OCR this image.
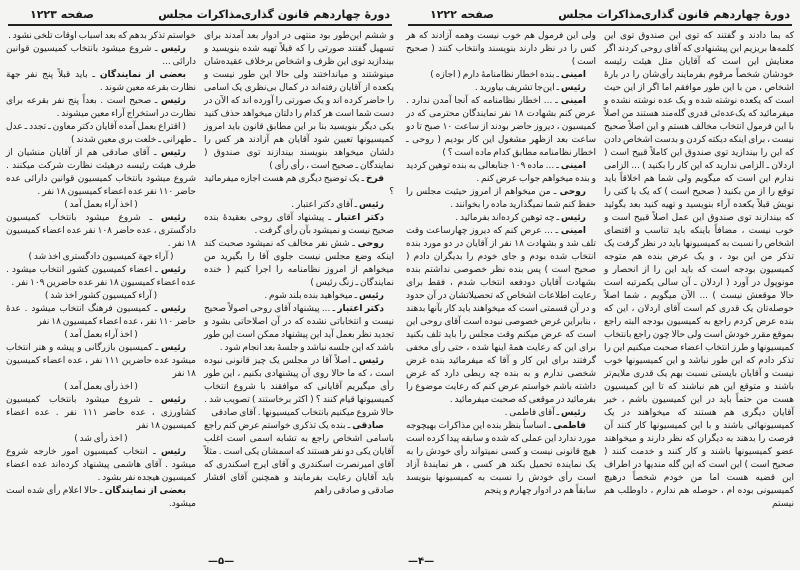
دورهٔ چهاردهم قانون گذاری
مذاکرات مجلس
صفحه ۱۲۲۳

و ششم این‌طور بود منتهی در ادوار بعد آمدند برای تسهیل گفتند صورتی را که قبلاً تهیه شده بنویسید و بیندازید توی این ظرف و اشخاص برخلاف عقیده‌شان مینوشتند و میانداختند ولی حالا این طور نیست و یکعده از آقایان رفته‌اند در کمال بی‌نظری یک اسامی را حاضر کرده اند و یک صورتی را آورده اند که الآن در دست شما است هر کدام را دلتان میخواهد حذف کنید یکی دیگر بنویسید بنا بر این مطابق قانون باید امروز کمیسیونها تعیین شود آقایان هم آزادند هر کس را دلشان میخواهد بنویسند بیندازند توی صندوق ( نمایندگان ـ صحیح است ، رأی رأی )

فرخ ـ یک توضیح دیگری هم هست اجازه میفرمائید ؟

رئیس ـ آقای دکتر اعتبار .

دکتر اعتبار ـ پیشنهاد آقای روحی بعقیدهٔ بنده صحیح نیست و نمیشود بآن رأی گرفت .

روحی ـ شش نفر مخالف که نمیشود صحبت کند اینکه وضع مجلس نیست جلوی آقا را بگیرید من میخواهم از امروز نظامنامه را اجرا کنیم ( خنده نمایندگان ـ زنگ رئیس )

رئیس ـ میخواهید بنده بلند شوم .

دکتر اعتبار ـ ... پیشنهاد آقای روحی اصولاً صحیح نیست و انتخاباتی نشده که در آن اصلاحاتی بشود و تجدید نظر بعمل آید این پیشنهاد ممکن است این طور باشد که این جلسه نباشد و جلسهٔ بعد انجام شود .

رئیس ـ اصلاً آقا در مجلس یک چیز قانونی نبوده است ، که ما حالا روی آن پیشنهادی بکنیم ، این طور رأی میگیریم آقایانی که موافقند با شروع انتخاب کمیسیونها قیام کنند ؟ ( اکثر برخاستند ) تصویب شد . حالا شروع میکنیم بانتخاب کمیسیونها . آقای صادقی

صادقی ـ بنده یک تذکری خواستم عرض کنم راجع باسامی اشخاص راجع به تشابه اسمی است اغلب آقایان یکی دو نفر هستند که اسمشان یکی است . مثلاً آقای امیرنصرت اسکندری و آقای ایرج اسکندری که باید آقایان رعایت بفرمایند و همچنین آقای افشار صادقی و صادقی راهم

خواستم تذکر بدهم که بعد اسباب اوقات تلخی نشود .

رئیس ـ شروع میشود بانتخاب کمیسیون قوانین دارائی ...

بعضی از نمایندگان ـ باید قبلاً پنج نفر جهة نظارت بقرعه معین شوند .

رئیس ـ صحیح است . بعداً پنج نفر بقرعه برای نظارت در استخراج آراء معین میشوند .

( اقتراع بعمل آمده آقایان دکتر معاون ـ تجدد ـ عدل ـ طهرانی ـ خلعت بری معین شدند )

رئیس ـ آقای صادقی هم از آقایان منشیان از طرف هیئت رئیسه درهیئت نظارت شرکت میکنند . شروع میشود بانتخاب کمیسیون قوانین دارائی عده حاضر ۱۱۰ نفر عده اعضاء کمیسیون ۱۸ نفر .

( اخذ آراء بعمل آمد )

رئیس ـ شروع میشود بانتخاب کمیسیون دادگستری ، عده حاضر ۱۰۸ نفر عده اعضاء کمیسیون ۱۸ نفر .

( آراء جهة کمیسیون دادگستری اخذ شد )

رئیس ـ اعضاء کمیسیون کشور انتخاب میشود . عده اعضاء کمیسیون ۱۸ نفر عده حاضرین ۱۰۹ نفر .

( آراء کمیسیون کشور اخذ شد )

رئیس ـ کمیسیون فرهنگ انتخاب میشود . عدهٔ حاضر ۱۱۰ نفر ، عده اعضاء کمیسیون ۱۸ نفر

( اخذ آراء بعمل آمد )

رئیس ـ کمیسیون بازرگانی و پیشه و هنر انتخاب میشود عده حاضرین ۱۱۱ نفر ، عده اعضاء کمیسیون ۱۸ نفر

( اخذ رأی بعمل آمد )

رئیس ـ شروع میشود بانتخاب کمیسیون کشاورزی ، عده حاضر ۱۱۱ نفر . عده اعضاء کمیسیون ۱۸ نفر

( اخذ رأی شد )

رئیس ـ انتخاب کمیسیون امور خارجه شروع میشود . آقای هاشمی پیشنهاد کرده‌اند عده اعضاء کمیسیون هیجده نفر بشود .

بعضی از نمایندگان ـ حالا اعلام رأی شده است میشود.

—۵—
دورهٔ چهاردهم قانون گذاری
مذاکرات مجلس
صفحه ۱۲۲۲

که بما دادند و گفتند که توی این صندوق توی این کلمه‌ها بریزیم این پیشنهادی که آقای روحی کردند اگر معنایش این است که آقایان مثل هیئت رئیسه خودشان شخصاً مرقوم بفرمایند رأی‌شان را در بارهٔ اشخاص ، من با این طور موافقم اما اگر از این حیث است که یکعده نوشته شده و یک عده نوشته نشده و میفرمائید که یک‌عده‌ئی قدری گله‌مند هستند من اصلاً با این فرمول انتخاب مخالف هستم و این اصلاً صحیح نیست ، برای اینکه دیکته کردن و بدست اشخاص دادن که این را بیندازید توی صندوق این کاملاً قبیح است ( اردلان ـ الزامی ندارید که این کار را بکنید ) ... الزامی ندارم این است که میگویم ولی شما هم اخلاقاً باید توقع را از من بکنید ( صحیح است ) که یک یا کتی را نویش قبلاً یکعده آراء بنویسید و تهیه کنید بعد بگوئید که بیندازند توی صندوق این عمل اصلاً قبیح است و خوب نیست ، مضافاً باینکه باید تناسب و اقتضای اشخاص را نسبت به کمیسیونها باید در نظر گرفت یک تذکر من این بود ، و یک عرض بنده هم متوجه کمیسیون بودجه است که باید این را از انحصار و مونوپول در آورد ( اردلان ـ آن سالی یکمرتبه است حالا موقعش نیست ) ... الآن میگویم ، شما اصلاً حوصله‌تان یک قدری کم است آقای اردلان ، این که بنده عرض کردم راجع به کمیسیون بودجه البته راجع بموقع مقرر خودش است ولی حالا چون راجع بانتخاب کمیسیونها و طرز انتخاب اعضاء صحبت میکنیم این را تذکر دادم که این طور نباشد و این کمیسیونها خوب نیست و آقایان بایستی نسبت بهم یک قدری ملایم‌تر باشند و متوقع این هم نباشند که تا این کمیسیون هست من حتماً باید در این کمیسیون باشم ، خیر آقایان دیگری هم هستند که میخواهند در یک کمیسیونهائی باشند و با این کمیسیونها کار کنند آن فرصت را بدهند به دیگران که نظر دارند و میخواهند عضو کمیسیونها باشند و کار کنند و خدمت کنند ( صحیح است ) این است که این گله مندیها در اطراف این قضیه هست اما من خودم شخصاً درهیچ کمیسیونی بوده ام ، حوصله هم ندارم ، داوطلب هم نیستم

ولی این فرمول هم خوب نیست وهمه آزادند که هر کس را در نظر دارند بنویسند وانتخاب کنند ( صحیح است )

امینی ـ بنده اخطار نظامنامهٔ دارم ( اجازه )

رئیس ـ این‌جا تشریف بیاورید .

امینی ـ ... اخطار نظامنامه که آنجا آمدن ندارد . عرض کنم بشهادت ۱۸ نفر نمایندگان محترمی که در کمیسیون ، دیروز حاضر بودند از ساعت ۱۰ صبح تا دو ساعت بعد ازظهر مشغول این کار بودیم ( روحی ـ اخطار نظامنامه مطابق کدام ماده است ؟ )

امینی ـ ... ماده ۱۰۹ جنابعالی به بنده توهین کردید و بنده میخواهم جواب عرض کنم .

روحی ـ من میخواهم از امروز حیثیت مجلس را حفظ کنم شما نمیگذارید ماده را بخوانند .

رئیس ـ چه توهین کرده‌اند بفرمائید .

امینی ـ ... عرض کنم که دیروز چهارساعت وقت تلف شد و بشهادت ۱۸ نفر از آقایان در دو مورد بنده انتخاب شده بودم و جای خودم را بدیگران دادم ( صحیح است ) پس بنده نظر خصوصی نداشتم بنده بشهادت آقایان دودفعه انتخاب شدم ، فقط برای رعایت اطلاعات اشخاص که تحصیلاتشان در آن حدود و در آن قسمتی است که میخواهند باید کار بآنها بدهند ، بنابراین غرض خصوصی نبوده است آقای روحی این است که عرض میکنم وقت مجلس را باید تلف بکنید برای این که رعایت همهٔ اینها شده ، حتی رأی مخفی گرفتند برای این کار و آقا که میفرمائید بنده غرض شخصی ندارم و به بنده چه ربطی دارد که غرض داشته باشم خواستم عرض کنم که رعایت موضوع را بفرمائید در موقعی که صحبت میفرمائید .

رئیس ـ آقای فاطمی .

فاطمی ـ اساساً بنظر بنده این مذاکرات بهیچوجه مورد ندارد این عملی که شده و سابقه پیدا کرده است هیچ قانونی نیست و کسی نمیتواند رأی خودش را به یک نماینده تحمیل بکند هر کسی ، هر نمایندهٔ آزاد است رأی خودش را نسبت به کمیسیونها بنویسد سابقاً هم در ادوار چهارم و پنجم

—۴—
